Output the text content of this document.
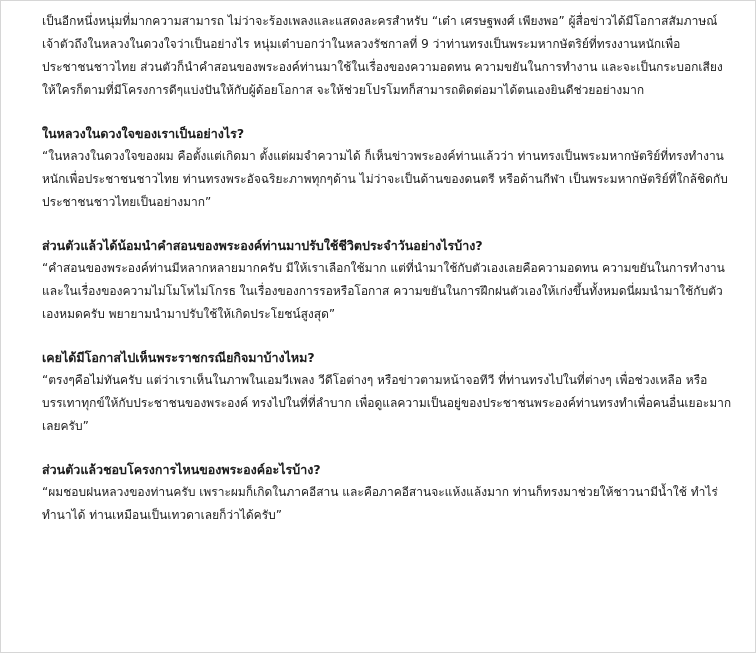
เป็นอีกหนึ่งหนุ่มที่มากความสามารถ ไม่ว่าจะร้องเพลงและแสดงละครสำหรับ “เต๋า เศรษฐพงศ์ เพียงพอ” ผู้สื่อข่าวได้มีโอกาสสัมภาษณ์เจ้าตัวถึงในหลวงในดวงใจว่าเป็นอย่างไร หนุ่มเต๋าบอกว่าในหลวงรัชกาลที่ 9 ว่าท่านทรงเป็นพระมหากษัตริย์ที่ทรงงานหนักเพื่อประชาชนชาวไทย ส่วนตัวก็นำคำสอนของพระองค์ท่านมาใช้ในเรื่องของความอดทน ความขยันในการทำงาน และจะเป็นกระบอกเสียงให้ใครก็ตามที่มีโครงการดีๆแบ่งปันให้กับผู้ด้อยโอกาส จะให้ช่วยโปรโมทก็สามารถติดต่อมาได้ตนเองยินดีช่วยอย่างมาก

ในหลวงในดวงใจของเราเป็นอย่างไร?

“ในหลวงในดวงใจของผม คือตั้งแต่เกิดมา ตั้งแต่ผมจำความได้ ก็เห็นข่าวพระองค์ท่านแล้วว่า ท่านทรงเป็นพระมหากษัตริย์ที่ทรงทำงานหนักเพื่อประชาชนชาวไทย ท่านทรงพระอัจฉริยะภาพทุกๆด้าน ไม่ว่าจะเป็นด้านของดนตรี หรือด้านกีฬา เป็นพระมหากษัตริย์ที่ใกล้ชิดกับประชาชนชาวไทยเป็นอย่างมาก”

ส่วนตัวแล้วได้น้อมนำคำสอนของพระองค์ท่านมาปรับใช้ชีวิตประจำวันอย่างไรบ้าง?

“คำสอนของพระองค์ท่านมีหลากหลายมากครับ มีให้เราเลือกใช้มาก แต่ที่นำมาใช้กับตัวเองเลยคือความอดทน ความขยันในการทำงานและในเรื่องของความไม่โมโหไม่โกรธ ในเรื่องของการรอหรือโอกาส ความขยันในการฝึกฝนตัวเองให้เก่งขึ้นทั้งหมดนี่ผมนำมาใช้กับตัวเองหมดครับ พยายามนำมาปรับใช้ให้เกิดประโยชน์สูงสุด”

เคยได้มีโอกาสไปเห็นพระราชกรณียกิจมาบ้างไหม?

“ตรงๆคือไม่ทันครับ แต่ว่าเราเห็นในภาพในเอมวีเพลง วีดีโอต่างๆ หรือข่าวตามหน้าจอทีวี ที่ท่านทรงไปในที่ต่างๆ เพื่อช่วงเหลือ หรือบรรเทาทุกข์ให้กับประชาชนของพระองค์ ทรงไปในที่ที่ลำบาก เพื่อดูแลความเป็นอยู่ของประชาชนพระองค์ท่านทรงทำเพื่อคนอื่นเยอะมากเลยครับ”

ส่วนตัวแล้วชอบโครงการไหนของพระองค์อะไรบ้าง?

“ผมชอบฝนหลวงของท่านครับ เพราะผมก็เกิดในภาคอีสาน และคือภาคอีสานจะแห้งแล้งมาก ท่านก็ทรงมาช่วยให้ชาวนามีน้ำใช้ ทำไร่ ทำนาได้ ท่านเหมือนเป็นเทวดาเลยก็ว่าได้ครับ”
